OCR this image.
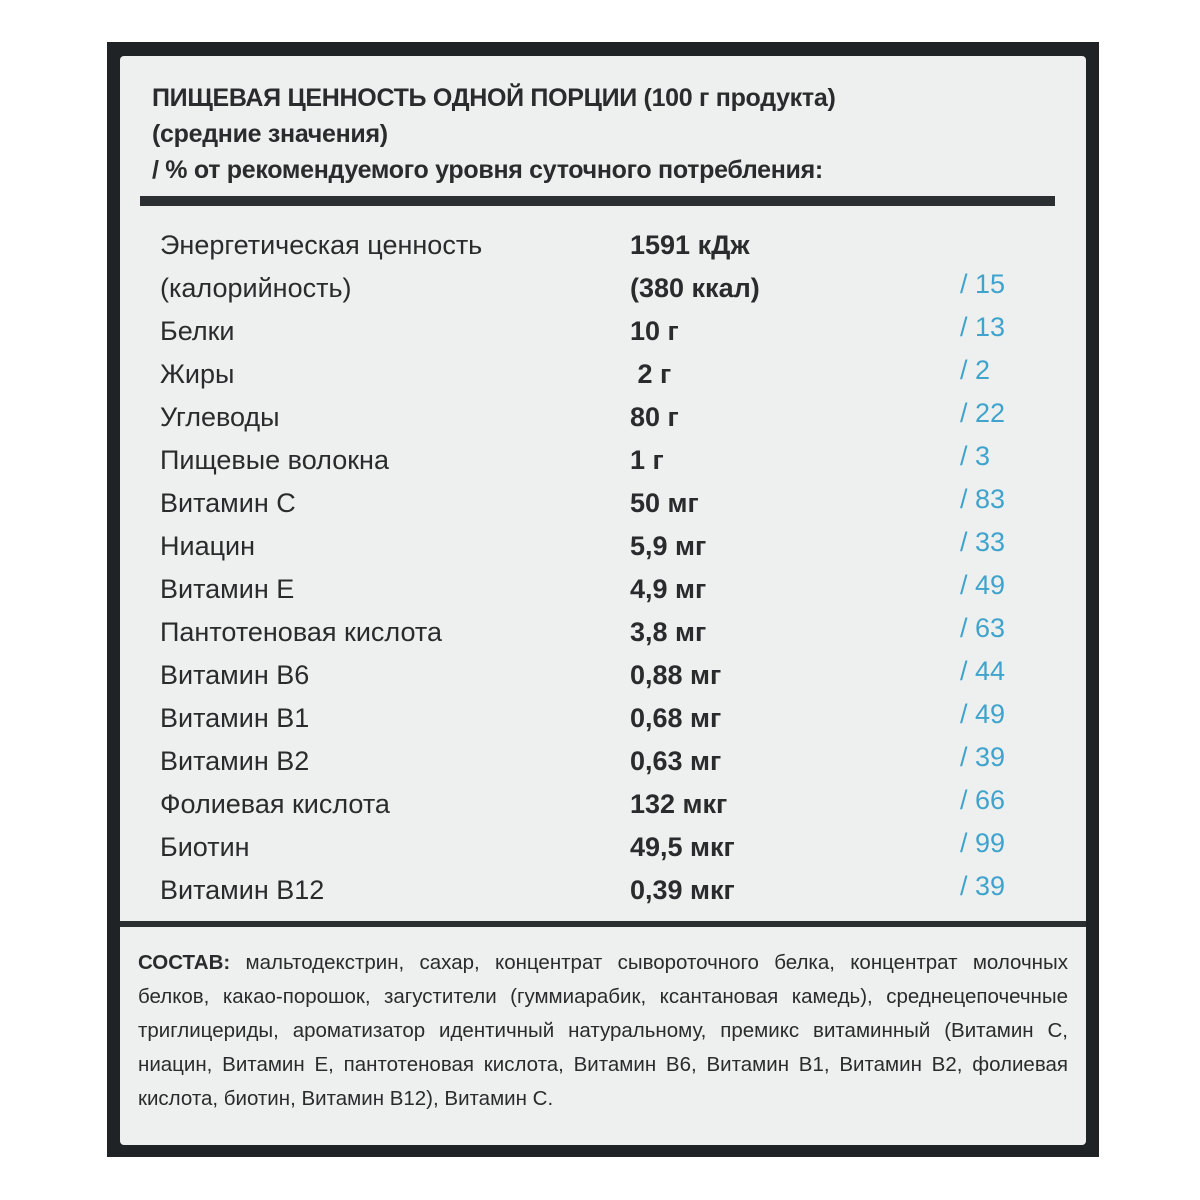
ПИЩЕВАЯ ЦЕННОСТЬ ОДНОЙ ПОРЦИИ (100 г продукта)
(средние значения)
/ % от рекомендуемого уровня суточного потребления:
Энергетическая ценность	1591 кДж
(калорийность)	(380 ккал)	/ 15
Белки	10 г	/ 13
Жиры	2 г	/ 2
Углеводы	80 г	/ 22
Пищевые волокна	1 г	/ 3
Витамин С	50 мг	/ 83
Ниацин	5,9 мг	/ 33
Витамин Е	4,9 мг	/ 49
Пантотеновая кислота	3,8 мг	/ 63
Витамин В6	0,88 мг	/ 44
Витамин В1	0,68 мг	/ 49
Витамин В2	0,63 мг	/ 39
Фолиевая кислота	132 мкг	/ 66
Биотин	49,5 мкг	/ 99
Витамин В12	0,39 мкг	/ 39
СОСТАВ: мальтодекстрин, сахар, концентрат сывороточного белка, концентрат молочных белков, какао-порошок, загустители (гуммиарабик, ксантановая камедь), среднецепочечные триглицериды, ароматизатор идентичный натуральному, премикс витаминный (Витамин С, ниацин, Витамин Е, пантотеновая кислота, Витамин В6, Витамин В1, Витамин В2, фолиевая кислота, биотин, Витамин В12), Витамин С.
